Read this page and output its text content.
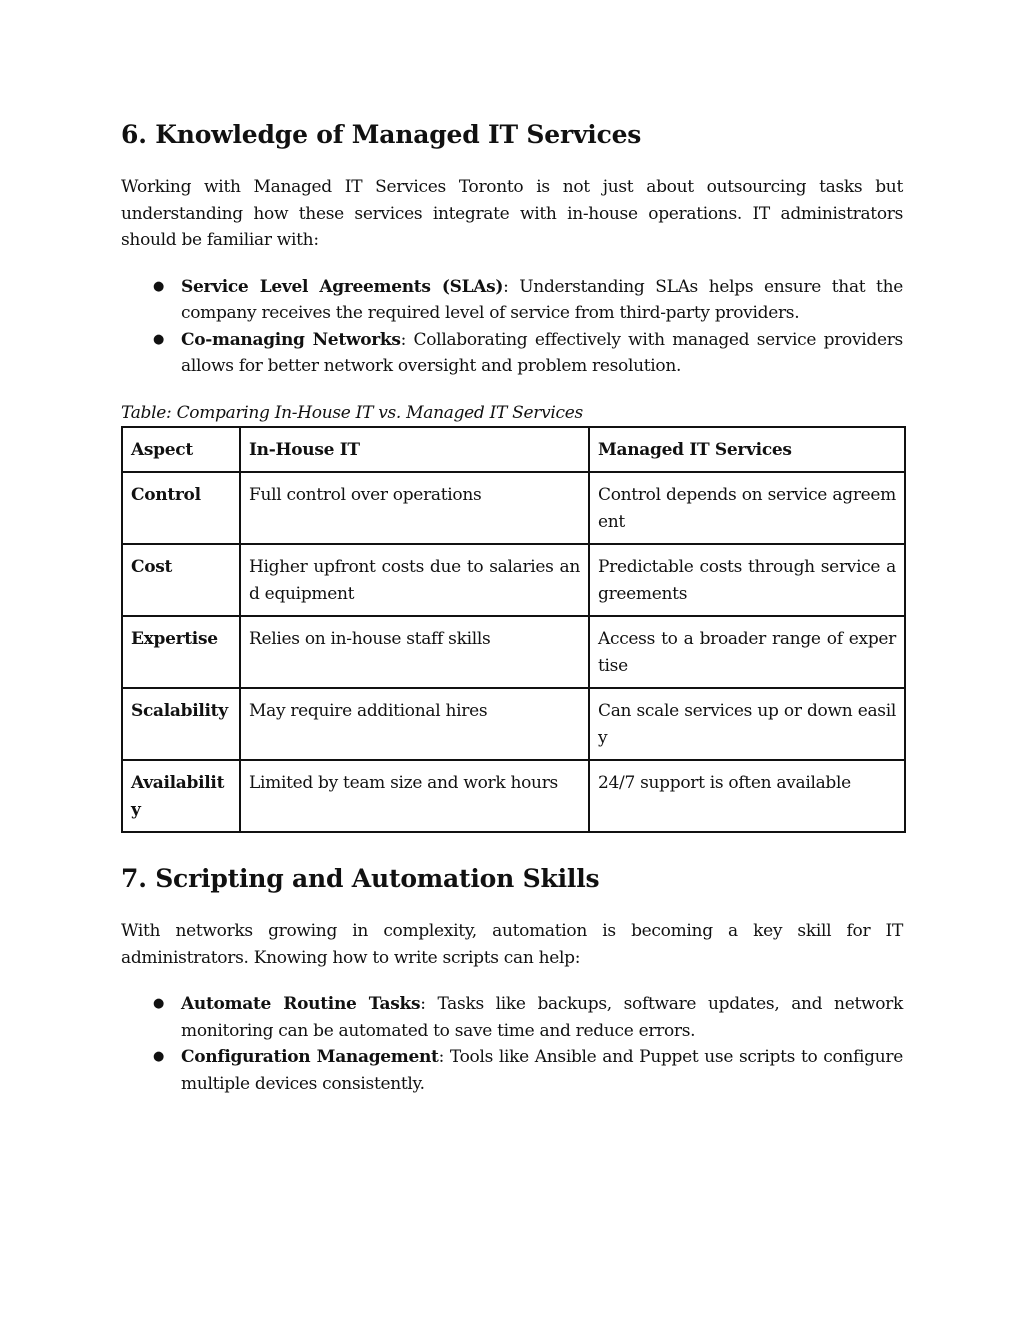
6. Knowledge of Managed IT Services

Working with Managed IT Services Toronto is not just about outsourcing tasks but understanding how these services integrate with in-house operations. IT administrators should be familiar with:

● Service Level Agreements (SLAs): Understanding SLAs helps ensure that the company receives the required level of service from third-party providers.
● Co-managing Networks: Collaborating effectively with managed service providers allows for better network oversight and problem resolution.
Table: Comparing In-House IT vs. Managed IT Services
Aspect	In-House IT	Managed IT Services
Control	Full control over operations	Control depends on service agreement
Cost	Higher upfront costs due to salaries and equipment	Predictable costs through service agreements
Expertise	Relies on in-house staff skills	Access to a broader range of expertise
Scalability	May require additional hires	Can scale services up or down easily
Availability	Limited by team size and work hours	24/7 support is often available
7. Scripting and Automation Skills

With networks growing in complexity, automation is becoming a key skill for IT administrators. Knowing how to write scripts can help:

● Automate Routine Tasks: Tasks like backups, software updates, and network monitoring can be automated to save time and reduce errors.
● Configuration Management: Tools like Ansible and Puppet use scripts to configure multiple devices consistently.
